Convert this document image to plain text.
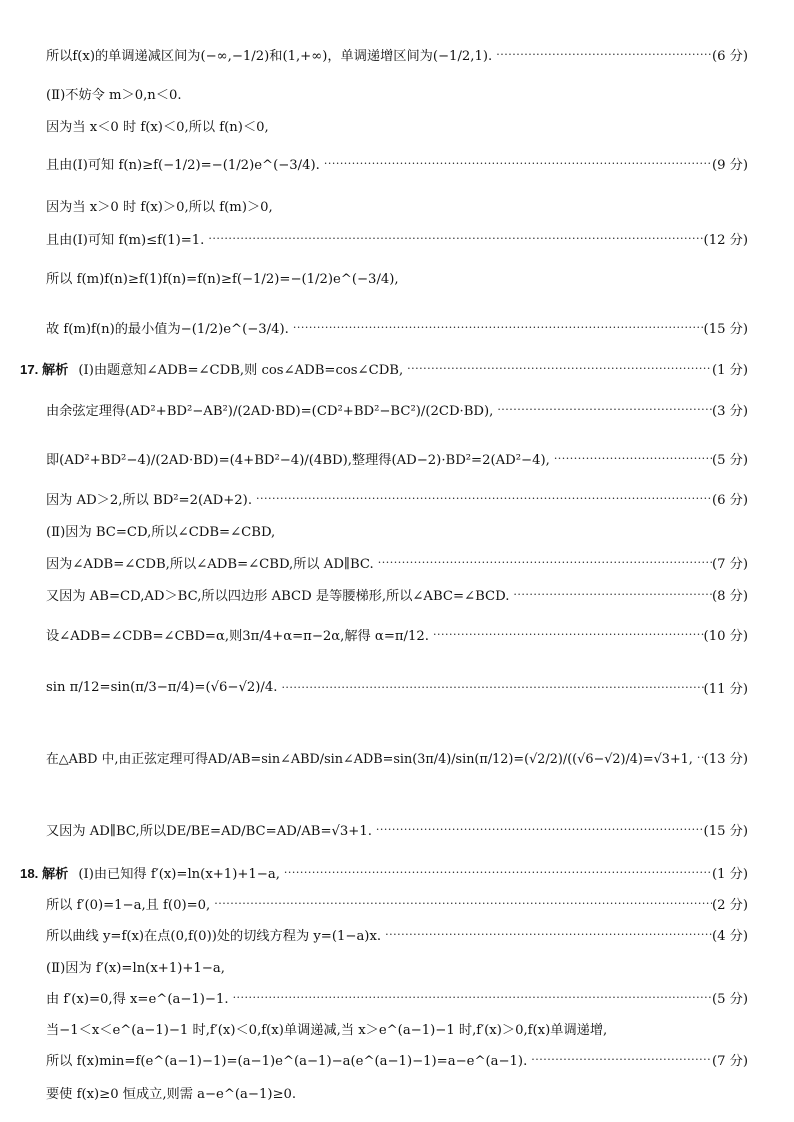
所以f(x)的单调递减区间为(−∞,−1/2)和(1,+∞)，单调递增区间为(−1/2,1). ·····	(6 分)
(Ⅱ)不妨令 m＞0,n＜0.
因为当 x＜0 时 f(x)＜0,所以 f(n)＜0,
且由(Ⅰ)可知 f(n)≥f(−1/2)=−(1/2)e^(−3/4). ·····	(9 分)
因为当 x＞0 时 f(x)＞0,所以 f(m)＞0,
且由(Ⅰ)可知 f(m)≤f(1)=1. ·····	(12 分)
所以 f(m)f(n)≥f(1)f(n)=f(n)≥f(−1/2)=−(1/2)e^(−3/4),
故 f(m)f(n)的最小值为−(1/2)e^(−3/4). ·····	(15 分)
17. 解析 (Ⅰ)由题意知∠ADB=∠CDB,则 cos∠ADB=cos∠CDB, ·····	(1 分)
由余弦定理得(AD²+BD²−AB²)/(2AD·BD)=(CD²+BD²−BC²)/(2CD·BD), ·····	(3 分)
即(AD²+BD²−4)/(2AD·BD)=(4+BD²−4)/(4BD),整理得(AD−2)·BD²=2(AD²−4), ·····	(5 分)
因为 AD＞2,所以 BD²=2(AD+2). ·····	(6 分)
(Ⅱ)因为 BC=CD,所以∠CDB=∠CBD,
因为∠ADB=∠CDB,所以∠ADB=∠CBD,所以 AD∥BC. ·····	(7 分)
又因为 AB=CD,AD＞BC,所以四边形 ABCD 是等腰梯形,所以∠ABC=∠BCD. ·····	(8 分)
设∠ADB=∠CDB=∠CBD=α,则3π/4+α=π−2α,解得 α=π/12. ·····	(10 分)
sin π/12=sin(π/3−π/4)=(√6−√2)/4. ·····	(11 分)
在△ABD 中,由正弦定理可得AD/AB=sin∠ABD/sin∠ADB=sin(3π/4)/sin(π/12)=(√2/2)/((√6−√2)/4)=√3+1, ····· (13 分)
又因为 AD∥BC,所以DE/BE=AD/BC=AD/AB=√3+1. ·····	(15 分)
18. 解析 (Ⅰ)由已知得 f′(x)=ln(x+1)+1−a, ·····	(1 分)
所以 f′(0)=1−a,且 f(0)=0, ·····	(2 分)
所以曲线 y=f(x)在点(0,f(0))处的切线方程为 y=(1−a)x. ·····	(4 分)
(Ⅱ)因为 f′(x)=ln(x+1)+1−a,
由 f′(x)=0,得 x=e^(a−1)−1. ·····	(5 分)
当−1＜x＜e^(a−1)−1 时,f′(x)＜0,f(x)单调递减,当 x＞e^(a−1)−1 时,f′(x)＞0,f(x)单调递增,
所以 f(x)min=f(e^(a−1)−1)=(a−1)e^(a−1)−a(e^(a−1)−1)=a−e^(a−1). ·····	(7 分)
要使 f(x)≥0 恒成立,则需 a−e^(a−1)≥0.
